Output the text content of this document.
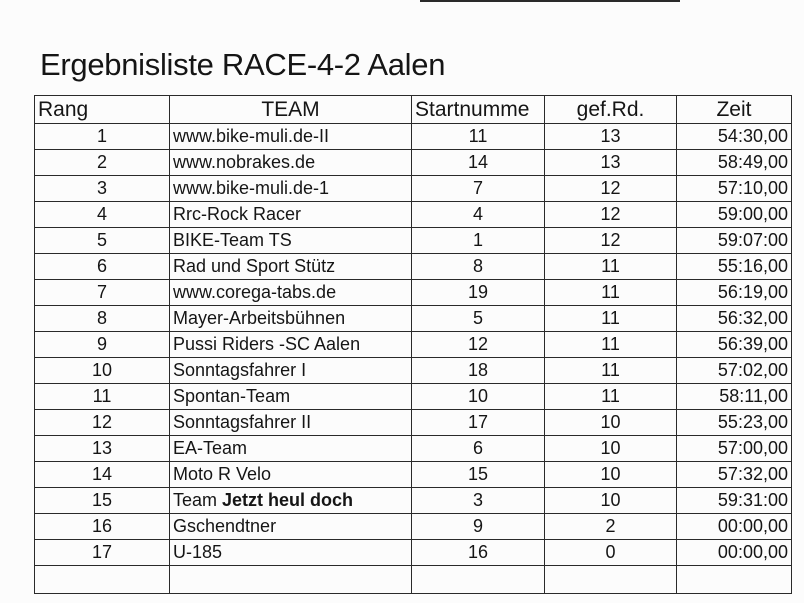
Ergebnisliste RACE-4-2 Aalen
Rang	TEAM	Startnumme	gef.Rd.	Zeit
1	www.bike-muli.de-II	11	13	54:30,00
2	www.nobrakes.de	14	13	58:49,00
3	www.bike-muli.de-1	7	12	57:10,00
4	Rrc-Rock Racer	4	12	59:00,00
5	BIKE-Team TS	1	12	59:07:00
6	Rad und Sport Stütz	8	11	55:16,00
7	www.corega-tabs.de	19	11	56:19,00
8	Mayer-Arbeitsbühnen	5	11	56:32,00
9	Pussi Riders -SC Aalen	12	11	56:39,00
10	Sonntagsfahrer I	18	11	57:02,00
11	Spontan-Team	10	11	58:11,00
12	Sonntagsfahrer II	17	10	55:23,00
13	EA-Team	6	10	57:00,00
14	Moto R Velo	15	10	57:32,00
15	Team Jetzt heul doch	3	10	59:31:00
16	Gschendtner	9	2	00:00,00
17	U-185	16	0	00:00,00
